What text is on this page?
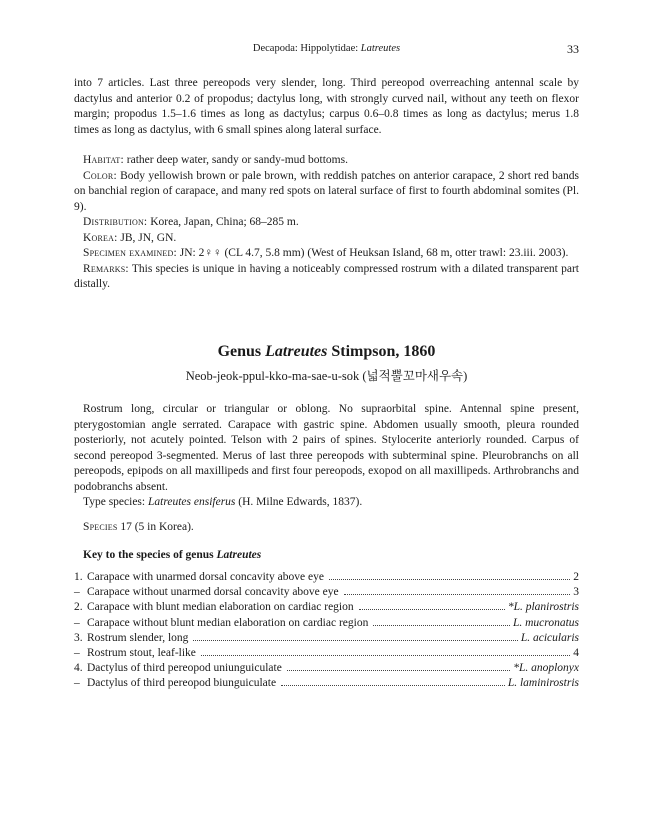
Decapoda: Hippolytidae: Latreutes	33

into 7 articles. Last three pereopods very slender, long. Third pereopod overreaching antennal scale by dactylus and anterior 0.2 of propodus; dactylus long, with strongly curved nail, without any teeth on flexor margin; propodus 1.5–1.6 times as long as dactylus; carpus 0.6–0.8 times as long as dactylus; merus 1.8 times as long as dactylus, with 6 small spines along lateral surface.

Habitat: rather deep water, sandy or sandy-mud bottoms.

Color: Body yellowish brown or pale brown, with reddish patches on anterior carapace, 2 short red bands on banchial region of carapace, and many red spots on lateral surface of first to fourth abdominal somites (Pl. 9).

Distribution: Korea, Japan, China; 68–285 m.

Korea: JB, JN, GN.

Specimen examined: JN: 2♀♀ (CL 4.7, 5.8 mm) (West of Heuksan Island, 68 m, otter trawl: 23.iii. 2003).

Remarks: This species is unique in having a noticeably compressed rostrum with a dilated transparent part distally.

Genus Latreutes Stimpson, 1860
Neob-jeok-ppul-kko-ma-sae-u-sok (넓적뿔꼬마새우속)

Rostrum long, circular or triangular or oblong. No supraorbital spine. Antennal spine present, pterygostomian angle serrated. Carapace with gastric spine. Abdomen usually smooth, pleura rounded posteriorly, not acutely pointed. Telson with 2 pairs of spines. Stylocerite anteriorly rounded. Carpus of second pereopod 3-segmented. Merus of last three pereopods with subterminal spine. Pleurobranchs on all pereopods, epipods on all maxillipeds and first four pereopods, exopod on all maxillipeds. Arthrobranchs and podobranchs absent.

Type species: Latreutes ensiferus (H. Milne Edwards, 1837).

Species 17 (5 in Korea).

Key to the species of genus Latreutes
1. Carapace with unarmed dorsal concavity above eye	2
– Carapace without unarmed dorsal concavity above eye	3
2. Carapace with blunt median elaboration on cardiac region	*L. planirostris
– Carapace without blunt median elaboration on cardiac region	L. mucronatus
3. Rostrum slender, long	L. acicularis
– Rostrum stout, leaf-like	4
4. Dactylus of third pereopod uniunguiculate	*L. anoplonyx
– Dactylus of third pereopod biunguiculate	L. laminirostris
